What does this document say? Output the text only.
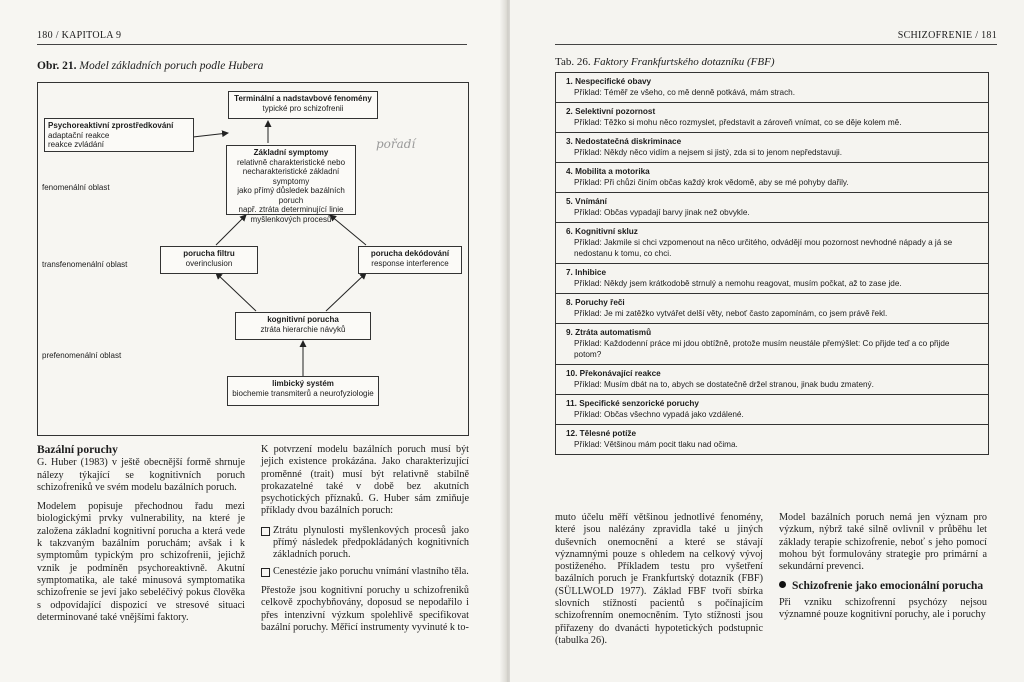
180 / KAPITOLA 9
Obr. 21. Model základních poruch podle Hubera
Terminální a nadstavbové fenomény
typické pro schizofrenii
Psychoreaktivní zprostředkování
adaptační reakce
reakce zvládání
Základní symptomy
relativně charakteristické nebo
necharakteristické základní symptomy
jako přímý důsledek bazálních poruch
např. ztráta determinující linie
myšlenkových procesů
pořadí
fenomenální oblast
transfenomenální oblast
prefenomenální oblast
porucha filtru
overinclusion
porucha dekódování
response interference
kognitivní porucha
ztráta hierarchie návyků
limbický systém
biochemie transmiterů a neurofyziologie
Bazální poruchy

G. Huber (1983) v ještě obecnější formě shrnuje nálezy týkající se kognitivních poruch schizofreniků ve svém modelu bazálních poruch.

Modelem popisuje přechodnou řadu mezi biologickými prvky vulnerability, na které je založena základní kognitivní porucha a která vede k takzvaným bazálním poruchám; avšak i k symptomům typickým pro schizofrenii, jejichž vznik je podmíněn psychoreaktivně. Akutní symptomatika, ale také minusová symptomatika schizofrenie se jeví jako sebeléčivý pokus člověka s odpovídající dispozicí ve stresové situaci determinované také vnějšími faktory.

K potvrzení modelu bazálních poruch musí být jejich existence prokázána. Jako charakterizující proměnné (trait) musí být relativně stabilně prokazatelné také v době bez akutních psychotických příznaků. G. Huber sám zmiňuje příklady dvou bazálních poruch:

Ztrátu plynulosti myšlenkových procesů jako přímý následek předpokládaných kognitivních základních poruch.
Cenestézie jako poruchu vnímání vlastního těla.

Přestože jsou kognitivní poruchy u schizofreniků celkově zpochybňovány, doposud se nepodařilo i přes intenzivní výzkum spolehlivě specifikovat bazální poruchy. Měřicí instrumenty vyvinuté k to-

SCHIZOFRENIE / 181
Tab. 26. Faktory Frankfurtského dotazníku (FBF)
1. Nespecifické obavy
Příklad: Téměř ze všeho, co mě denně potkává, mám strach.
2. Selektivní pozornost
Příklad: Těžko si mohu něco rozmyslet, představit a zároveň vnímat, co se děje kolem mě.
3. Nedostatečná diskriminace
Příklad: Někdy něco vidím a nejsem si jistý, zda si to jenom nepředstavuji.
4. Mobilita a motorika
Příklad: Při chůzi činím občas každý krok vědomě, aby se mé pohyby dařily.
5. Vnímání
Příklad: Občas vypadají barvy jinak než obvykle.
6. Kognitivní skluz
Příklad: Jakmile si chci vzpomenout na něco určitého, odvádějí mou pozornost nevhodné nápady a já se nedostanu k tomu, co chci.
7. Inhibice
Příklad: Někdy jsem krátkodobě strnulý a nemohu reagovat, musím počkat, až to zase jde.
8. Poruchy řeči
Příklad: Je mi zatěžko vytvářet delší věty, neboť často zapomínám, co jsem právě řekl.
9. Ztráta automatismů
Příklad: Každodenní práce mi jdou obtížně, protože musím neustále přemýšlet: Co přijde teď a co přijde potom?
10. Překonávající reakce
Příklad: Musím dbát na to, abych se dostatečně držel stranou, jinak budu zmatený.
11. Specifické senzorické poruchy
Příklad: Občas všechno vypadá jako vzdálené.
12. Tělesné potíže
Příklad: Většinou mám pocit tlaku nad očima.

muto účelu měří většinou jednotlivé fenomény, které jsou nalézány zpravidla také u jiných duševních onemocnění a které se stávají významnými pouze s ohledem na celkový vývoj postiženého. Příkladem testu pro vyšetření bazálních poruch je Frankfurtský dotazník (FBF) (SÜLLWOLD 1977). Základ FBF tvoří sbírka slovních stížností pacientů s počínajícím schizofrenním onemocněním. Tyto stížnosti jsou přiřazeny do dvanácti hypotetických podstupnic (tabulka 26).

Model bazálních poruch nemá jen význam pro výzkum, nýbrž také silně ovlivnil v průběhu let základy terapie schizofrenie, neboť s jeho pomocí mohou být formulovány strategie pro primární a sekundární prevenci.

Schizofrenie jako emocionální porucha

Při vzniku schizofrenní psychózy nejsou významné pouze kognitivní poruchy, ale i poruchy
